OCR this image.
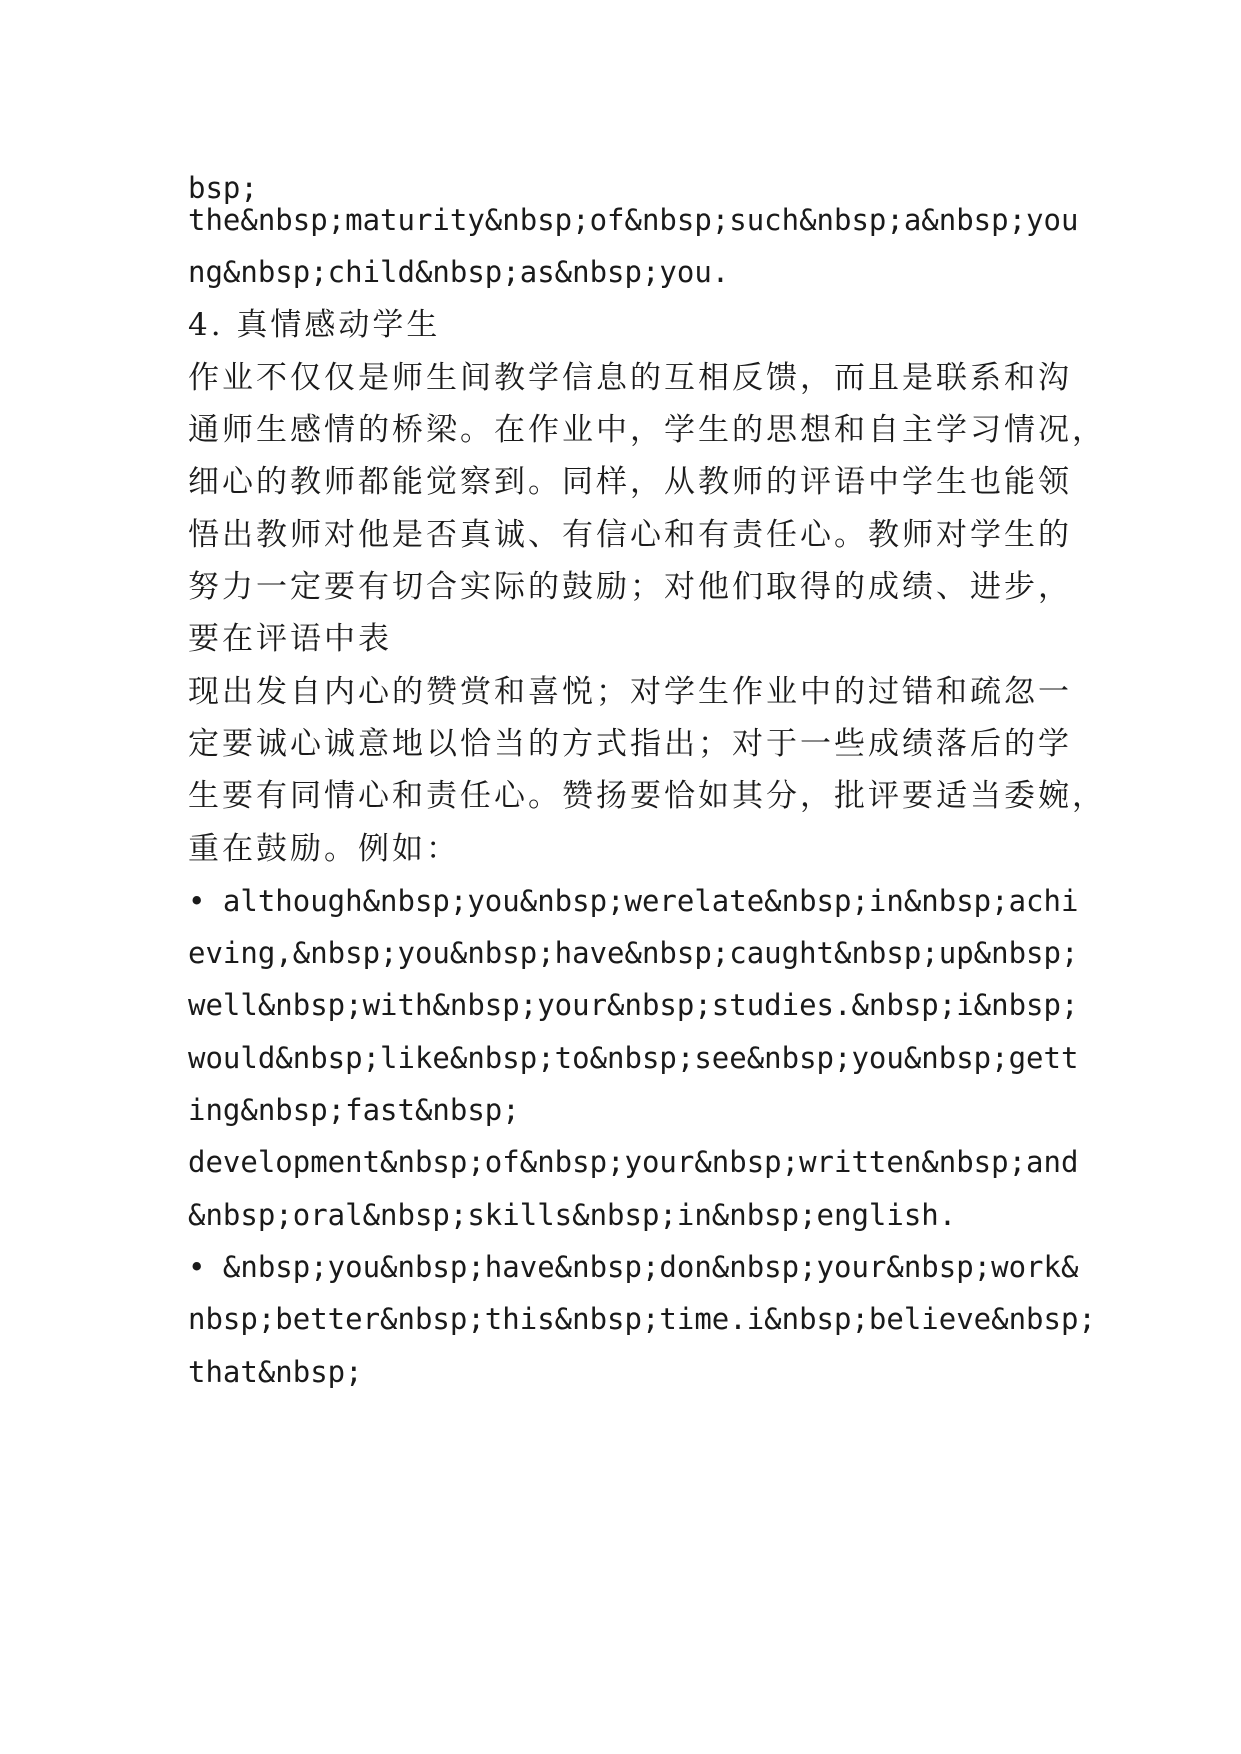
bsp;

the&nbsp;maturity&nbsp;of&nbsp;such&nbsp;a&nbsp;you

ng&nbsp;child&nbsp;as&nbsp;you.

4. 真情感动学生

作业不仅仅是师生间教学信息的互相反馈，而且是联系和沟

通师生感情的桥梁。在作业中，学生的思想和自主学习情况，

细心的教师都能觉察到。同样，从教师的评语中学生也能领

悟出教师对他是否真诚、有信心和有责任心。教师对学生的

努力一定要有切合实际的鼓励；对他们取得的成绩、进步，

要在评语中表

现出发自内心的赞赏和喜悦；对学生作业中的过错和疏忽一

定要诚心诚意地以恰当的方式指出；对于一些成绩落后的学

生要有同情心和责任心。赞扬要恰如其分，批评要适当委婉，

重在鼓励。例如：

• although&nbsp;you&nbsp;werelate&nbsp;in&nbsp;achi

eving,&nbsp;you&nbsp;have&nbsp;caught&nbsp;up&nbsp;

well&nbsp;with&nbsp;your&nbsp;studies.&nbsp;i&nbsp;

would&nbsp;like&nbsp;to&nbsp;see&nbsp;you&nbsp;gett

ing&nbsp;fast&nbsp;

development&nbsp;of&nbsp;your&nbsp;written&nbsp;and

&nbsp;oral&nbsp;skills&nbsp;in&nbsp;english.

• &nbsp;you&nbsp;have&nbsp;don&nbsp;your&nbsp;work&

nbsp;better&nbsp;this&nbsp;time.i&nbsp;believe&nbsp;

that&nbsp;
